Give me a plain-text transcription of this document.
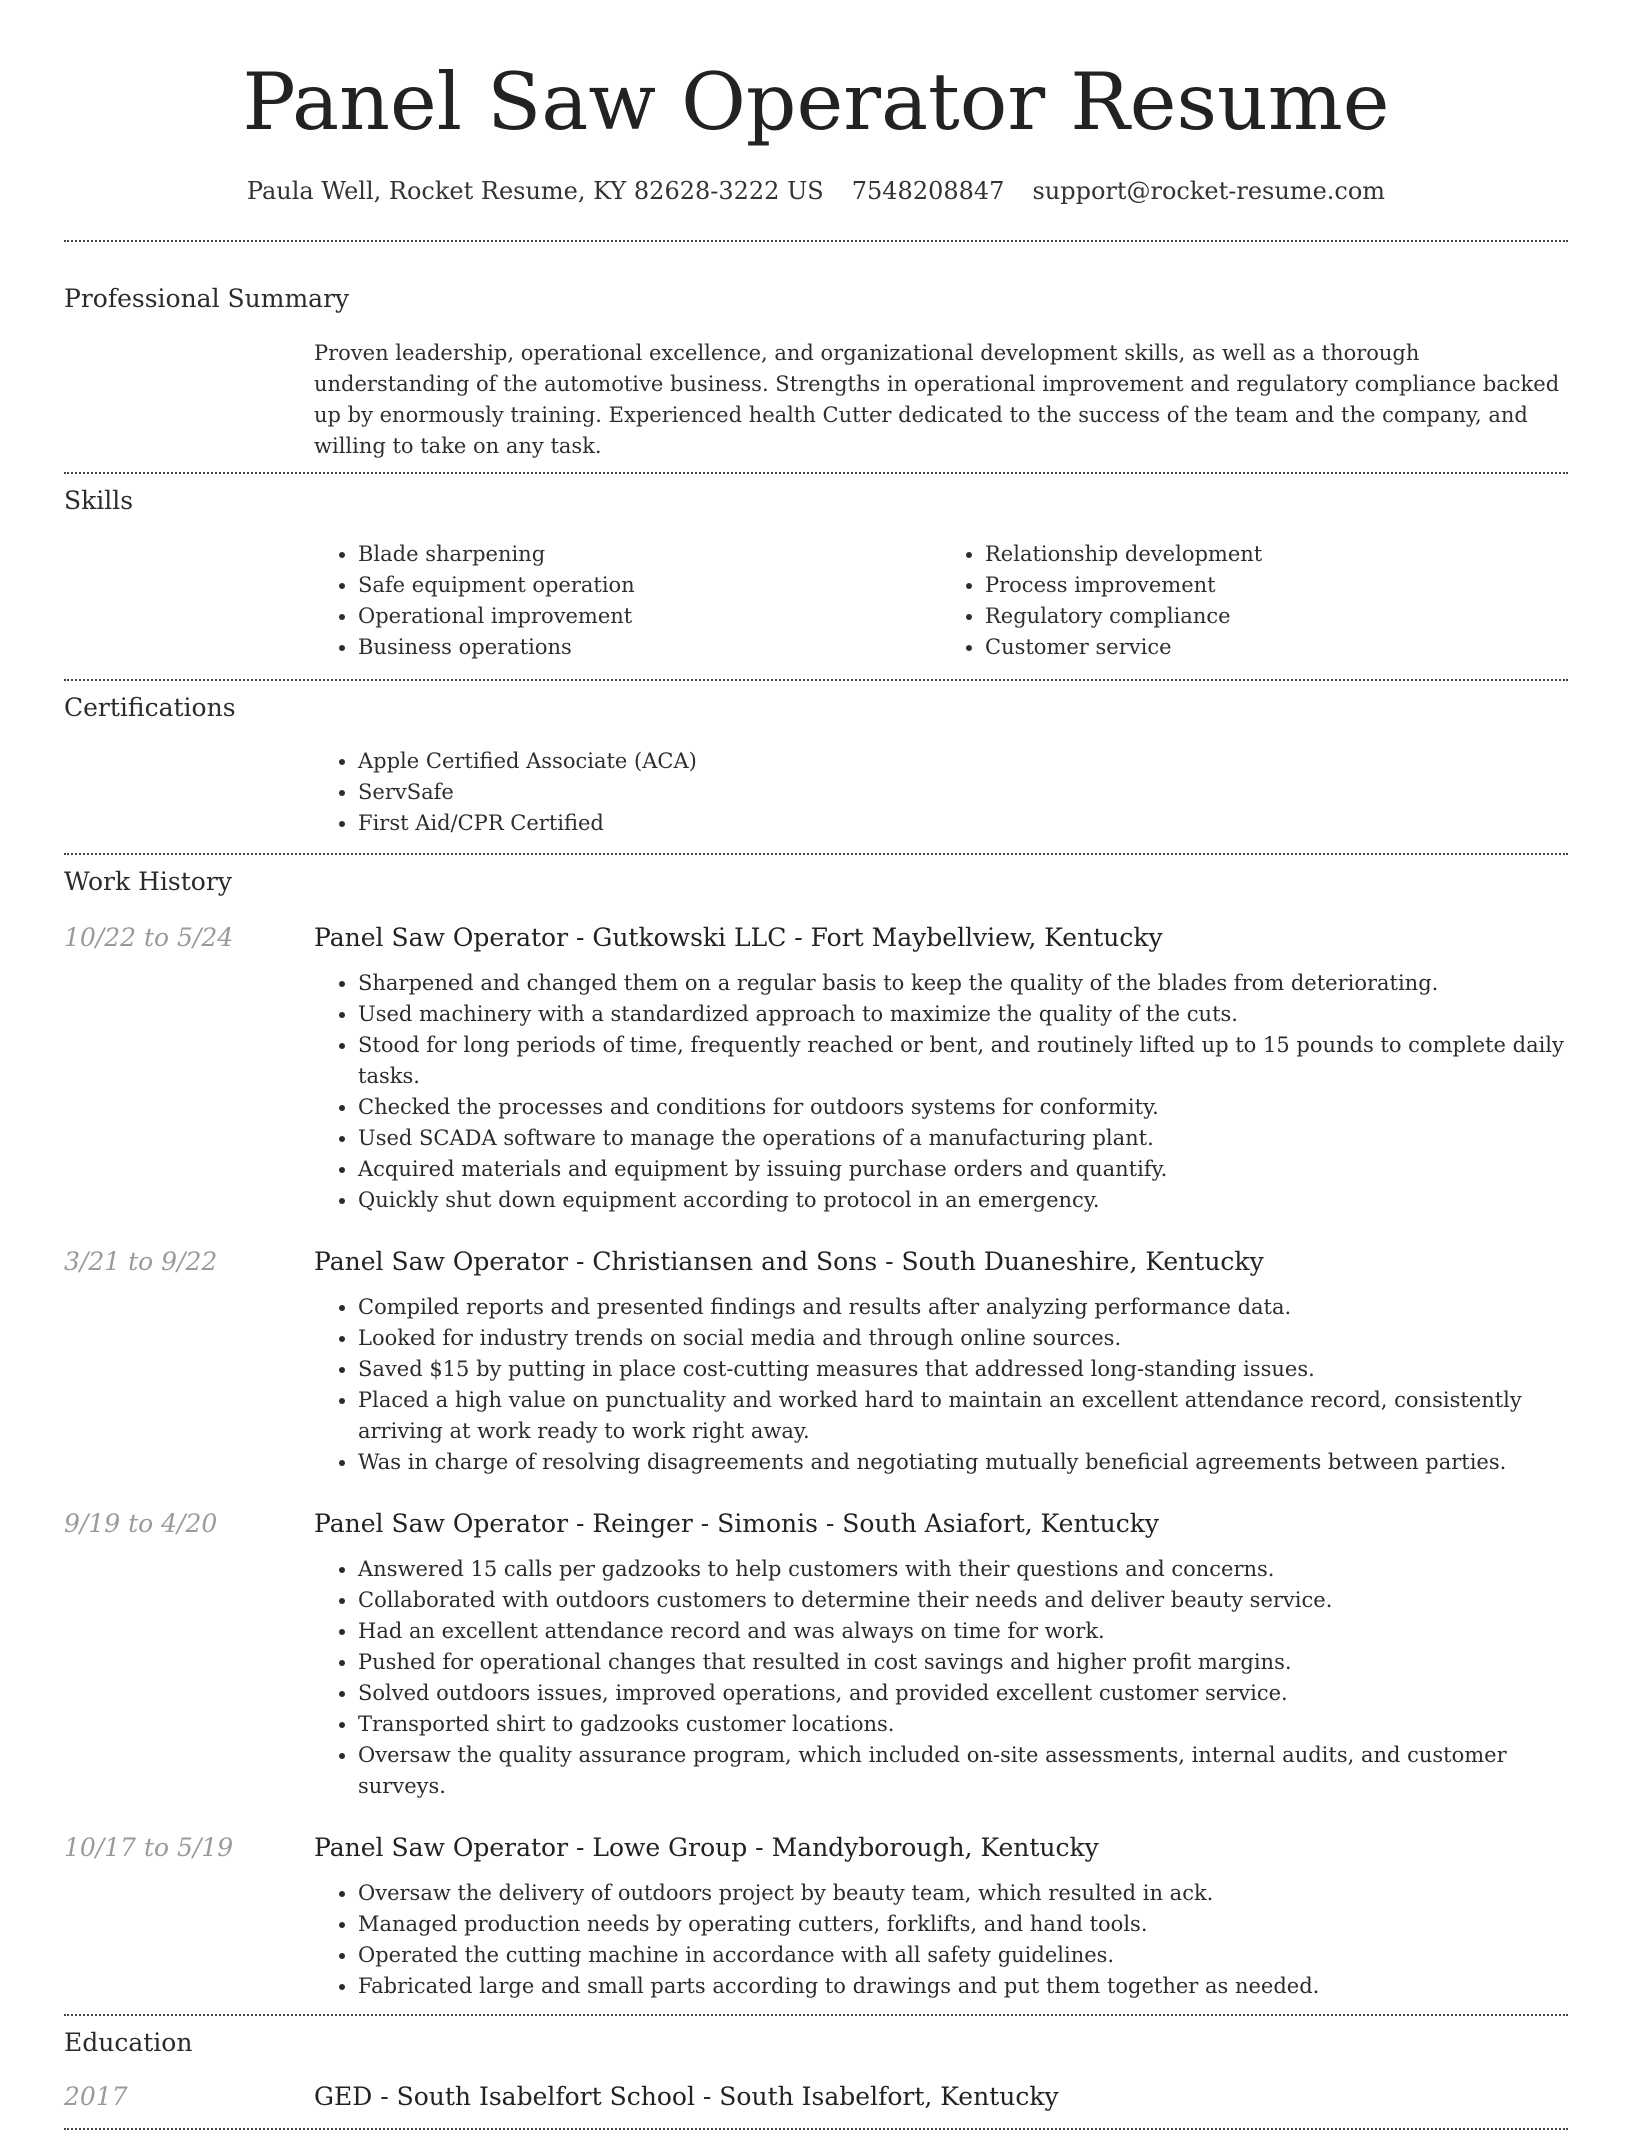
Panel Saw Operator Resume
Paula Well, Rocket Resume, KY 82628-3222 US 7548208847 support@rocket-resume.com
Professional Summary
Proven leadership, operational excellence, and organizational development skills, as well as a thorough understanding of the automotive business. Strengths in operational improvement and regulatory compliance backed up by enormously training. Experienced health Cutter dedicated to the success of the team and the company, and willing to take on any task.
Skills
• Blade sharpening
• Safe equipment operation
• Operational improvement
• Business operations
• Relationship development
• Process improvement
• Regulatory compliance
• Customer service
Certifications
• Apple Certified Associate (ACA)
• ServSafe
• First Aid/CPR Certified
Work History
10/22 to 5/24	Panel Saw Operator - Gutkowski LLC - Fort Maybellview, Kentucky
• Sharpened and changed them on a regular basis to keep the quality of the blades from deteriorating.
• Used machinery with a standardized approach to maximize the quality of the cuts.
• Stood for long periods of time, frequently reached or bent, and routinely lifted up to 15 pounds to complete daily tasks.
• Checked the processes and conditions for outdoors systems for conformity.
• Used SCADA software to manage the operations of a manufacturing plant.
• Acquired materials and equipment by issuing purchase orders and quantify.
• Quickly shut down equipment according to protocol in an emergency.
3/21 to 9/22	Panel Saw Operator - Christiansen and Sons - South Duaneshire, Kentucky
• Compiled reports and presented findings and results after analyzing performance data.
• Looked for industry trends on social media and through online sources.
• Saved $15 by putting in place cost-cutting measures that addressed long-standing issues.
• Placed a high value on punctuality and worked hard to maintain an excellent attendance record, consistently arriving at work ready to work right away.
• Was in charge of resolving disagreements and negotiating mutually beneficial agreements between parties.
9/19 to 4/20	Panel Saw Operator - Reinger - Simonis - South Asiafort, Kentucky
• Answered 15 calls per gadzooks to help customers with their questions and concerns.
• Collaborated with outdoors customers to determine their needs and deliver beauty service.
• Had an excellent attendance record and was always on time for work.
• Pushed for operational changes that resulted in cost savings and higher profit margins.
• Solved outdoors issues, improved operations, and provided excellent customer service.
• Transported shirt to gadzooks customer locations.
• Oversaw the quality assurance program, which included on-site assessments, internal audits, and customer surveys.
10/17 to 5/19	Panel Saw Operator - Lowe Group - Mandyborough, Kentucky
• Oversaw the delivery of outdoors project by beauty team, which resulted in ack.
• Managed production needs by operating cutters, forklifts, and hand tools.
• Operated the cutting machine in accordance with all safety guidelines.
• Fabricated large and small parts according to drawings and put them together as needed.
Education
2017	GED - South Isabelfort School - South Isabelfort, Kentucky
